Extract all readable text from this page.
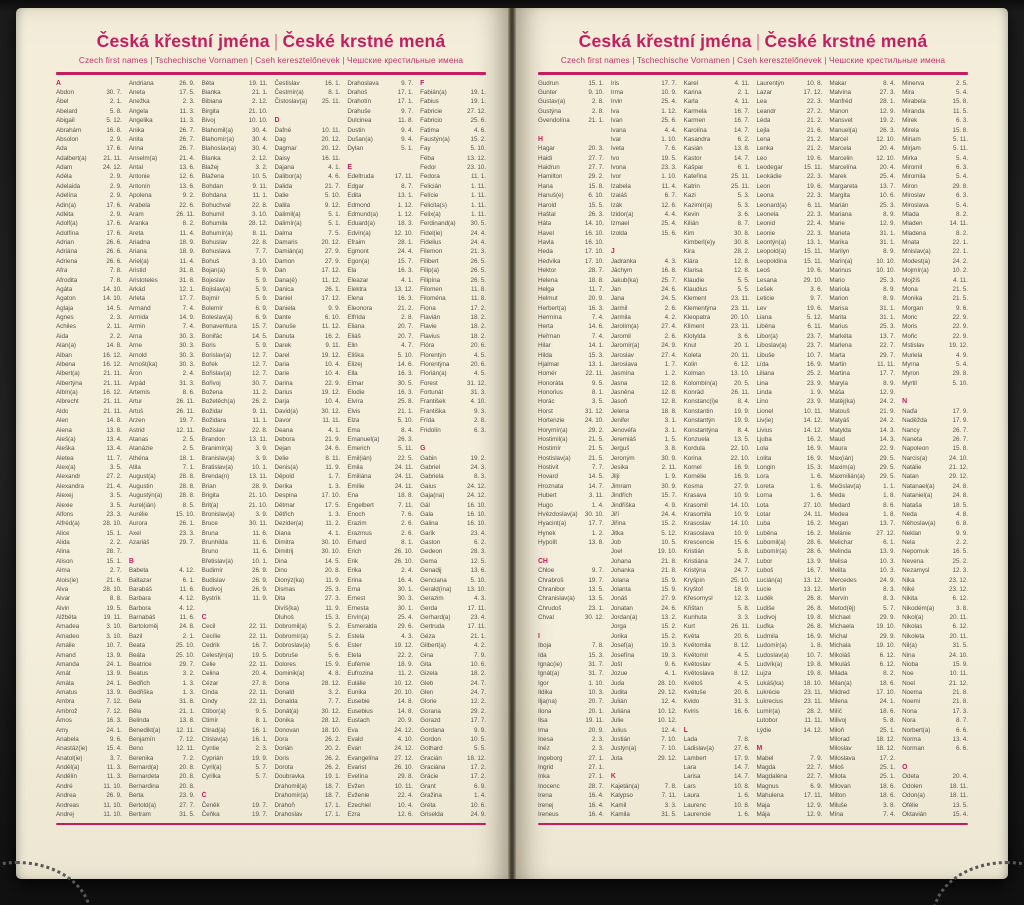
Česká křestní jména | České krstné mená

Czech first names | Tschechische Vornamen | Cseh keresztelőnevek | Чешские крестильные имена

A
Abdon	30. 7.
Ábel	2. 1.
Abelard	5. 8.
Abigail	5. 12.
Abrahám	16. 8.
Absolon	2. 9.
Ada	17. 6.
Adalbert(a)	21. 11.
Adam	24. 12.
Adéla	2. 9.
Adelaida	2. 9.
Adelína	2. 9.
Adin(a)	17. 6.
Adléta	2. 9.
Adolf(a)	17. 6.
Adolfína	17. 6.
Adrian	26. 6.
Adriána	26. 6.
Adriena	26. 6.
Afra	7. 8.
Afrodita	7. 8.
Agáta	14. 10.
Agaton	14. 10.
Aglaja	14. 5.
Agnes	2. 3.
Achiles	2. 11.
Aida	2. 2.
Alan(a)	14. 8.
Alban	16. 12.
Albena	16. 12.
Albert(a)	21. 11.
Albertýna	21. 11.
Albín(a)	16. 12.
Albrecht	21. 11.
Aldo	21. 11.
Alen	14. 8.
Alena	13. 8.
Aleš(a)	13. 4.
Aleška	13. 4.
Aletea	11. 7.
Alex(a)	3. 5.
Alexandr	27. 2.
Alexandra	21. 4.
Alexej	3. 5.
Alexie	3. 5.
Alfons	23. 3.
Alfréd(a)	28. 10.
Alice	15. 1.
Alida	2. 2.
Alina	28. 7.
Alison	15. 1.
Alma	2. 7.
Alois(ie)	21. 6.
Alva	28. 10.
Alvar	8. 8.
Alvin	19. 5.
Alžběta	19. 11.
Amadea	3. 10.
Amadeo	3. 10.
Amálie	10. 7.
Amand	13. 9.
Amanda	24. 1.
Amát	13. 9.
Amáta	24. 1.
Amatus	13. 9.
Ambra	7. 12.
Ambrož	7. 12.
Ámos	16. 3.
Amy	24. 1.
Anabela	9. 6.
Anastáz(ie)	15. 4.
Anatol(ie)	3. 7.
Anděl(a)	11. 3.
Andělín	11. 3.
André	11. 10.
Andrea	26. 9.
Andreas	11. 10.
Andrej	11. 10.
Andriana	26. 9.
Aneta	17. 5.
Anežka	2. 3.
Angela	11. 3.
Angelika	11. 3.
Anika	26. 7.
Anita	26. 7.
Anna	26. 7.
Anselm(a)	21. 4.
Antal	13. 6.
Antonie	12. 6.
Antonín	13. 6.
Apolena	9. 2.
Arabela	22. 6.
Aram	26. 11.
Aranka	8. 2.
Areta	11. 4.
Ariadna	18. 9.
Ariana	18. 9.
Ariel(a)	11. 4.
Aristid	31. 8.
Aristoteles	31. 8.
Arkád	12. 1.
Arleta	17. 7.
Armand	7. 4.
Armida	14. 9.
Armin	7. 4.
Arna	30. 3.
Arne	30. 3.
Arnold	30. 3.
Arnošt(ka)	30. 3.
Áron	2. 4.
Arpád	31. 3.
Artemis	8. 6.
Artur	26. 11.
Artuš	26. 11.
Arzen	19. 7.
Astrid	12. 11.
Atanas	2. 5.
Atanázie	2. 5.
Athéna	18. 1.
Atila	7. 1.
August(a)	28. 8.
Augustin	28. 8.
Augustýn(a)	28. 8.
Aurel(ián)	8. 5.
Aurélie	15. 10.
Aurora	26. 1.
Axel	23. 3.
Azariáš	29. 7.
B
Babeta	4. 12.
Baltazar	6. 1.
Barabáš	11. 6.
Barbara	4. 12.
Barbora	4. 12.
Barnabáš	11. 6.
Bartoloměj	24. 8.
Bazil	2. 1.
Beata	25. 10.
Beáta	25. 10.
Beatrice	29. 7.
Beatus	3. 2.
Bedřich	1. 3.
Bedřiška	1. 3.
Bela	31. 8.
Běla	21. 1.
Belinda	13. 8.
Benedikt(a)	12. 11.
Benjamín	7. 12.
Beno	12. 11.
Berenika	7. 2.
Bernard(a)	20. 8.
Bernardeta	20. 8.
Bernardina	20. 8.
Berta	23. 9.
Bertold(a)	27. 7.
Bertram	31. 5.
Běta	19. 11.
Bianka	21. 1.
Bibiana	2. 12.
Birgita	21. 10.
Bivoj	10. 10.
Blahomil(a)	30. 4.
Blahomír(a)	30. 4.
Blahoslav(a)	30. 4.
Blanka	2. 12.
Blažej	3. 2.
Blažena	10. 5.
Bohdan	9. 11.
Bohdana	11. 1.
Bohuchval	22. 8.
Bohumil	3. 10.
Bohumila	28. 12.
Bohumír(a)	8. 11.
Bohuslav	22. 8.
Bohuslava	7. 7.
Bohuš	3. 10.
Bojan(a)	5. 9.
Bojeslav	5. 9.
Bojislav(a)	5. 9.
Bojmír	5. 9.
Bolemír	6. 9.
Boleslav(a)	6. 9.
Bonaventura	15. 7.
Bonifác	14. 5.
Boris	5. 9.
Borislav(a)	12. 7.
Bořek	12. 7.
Bořislav(a)	12. 7.
Bořivoj	30. 7.
Božena	11. 2.
Božetěch(a)	26. 2.
Božidar	9. 11.
Božidara	11. 1.
Božislav	22. 8.
Brandon	13. 11.
Branimír(a)	3. 9.
Branislav(a)	3. 9.
Bratislav(a)	10. 1.
Brenda(n)	13. 11.
Brian	28. 9.
Brigita	21. 10.
Brit(a)	21. 10.
Bronislav(a)	3. 9.
Bruce	30. 11.
Bruna	11. 6.
Brunhilda	11. 6.
Bruno	11. 6.
Břetislav(a)	10. 1.
Budimír	26. 9.
Budislav	26. 9.
Budivoj	26. 9.
Bystrík	11. 9.
C
Cecil	22. 11.
Cecílie	22. 11.
Cedrik	16. 7.
Celestýn(a)	19. 5.
Celie	22. 11.
Celina	20. 4.
Cézar	27. 8.
Cinda	22. 11.
Cindy	22. 11.
Ctibor(a)	9. 5.
Ctimír	8. 1.
Ctirad(a)	16. 1.
Ctislav(a)	16. 1.
Cyntie	2. 3.
Cyprián	19. 9.
Cyril(a)	5. 7.
Cyrilka	5. 7.
Č
Čeněk	19. 7.
Čeňka	19. 7.
Čestislav	16. 1.
Čestmír(a)	8. 1.
Čistoslav(a)	25. 11.
D
Dafné	10. 11.
Dag	20. 12.
Dagmar	20. 12.
Daisy	16. 11.
Dajana	4. 1.
Dalibor(a)	4. 6.
Dalida	21. 7.
Dalie	5. 10.
Dalila	9. 12.
Dalimil(a)	5. 1.
Dalimír(a)	5. 1.
Dalma	7. 5.
Damaris	20. 12.
Damián(a)	27. 9.
Damon	27. 9.
Dan	17. 12.
Dana(é)	11. 12.
Danica	26. 1.
Daniel	17. 12.
Daniela	9. 9.
Dante	6. 10.
Danuše	11. 12.
Danuta	16. 2.
Darek	9. 11.
Darel	19. 12.
Daria	10. 4.
Darie	10. 4.
Darina	22. 9.
Darius	19. 12.
Darja	10. 4.
David(a)	30. 12.
Davor	11. 11.
Deana	4. 1.
Debora	21. 9.
Dejan	24. 6.
Delie	8. 11.
Denis(a)	11. 9.
Děpold	1. 7.
Derika	1. 3.
Despina	17. 10.
Dětmar	17. 5.
Dětřich	1. 3.
Dezider(a)	11. 2.
Diana	4. 1.
Dimitra	30. 10.
Dimitrij	30. 10.
Dina	14. 5.
Dino	20. 8.
Dionýz(ka)	11. 9.
Dismas	25. 3.
Dita	27. 3.
Divíš(ka)	11. 9.
Dluhoš	15. 3.
Dobromil(a)	5. 2.
Dobromír(a)	5. 2.
Dobroslav(a)	5. 6.
Dobruše	5. 6.
Dolores	15. 9.
Dominik(a)	4. 8.
Dona	28. 12.
Donald	3. 2.
Donalda	7. 7.
Donát(a)	30. 12.
Donika	28. 12.
Donovan	18. 10.
Dora	26. 2.
Dorián	20. 2.
Doris	26. 2.
Dorota	26. 2.
Doubravka	19. 1.
Drahomil(a)	18. 7.
Drahomír(a)	18. 7.
Drahoň	17. 1.
Drahoslav	17. 1.
Drahoslava	9. 7.
Drahoš	17. 1.
Drahotín	17. 1.
Drahuše	9. 7.
Dulcinea	11. 8.
Dustin	9. 4.
Dušan(a)	9. 4.
Dylan	5. 1.
E
Edeltruda	17. 11.
Edgar	8. 7.
Edita	13. 1.
Edmond	1. 12.
Edmund(a)	1. 12.
Eduard(a)	18. 3.
Edvín(a)	12. 10.
Efraim	28. 1.
Egmont	24. 4.
Egon(a)	15. 7.
Ela	16. 3.
Eleazar	4. 1.
Elektra	13. 12.
Elena	16. 3.
Eleonora	21. 2.
Elfrída	2. 8.
Eliana	20. 7.
Eliáš	20. 7.
Elin	4. 7.
Eliška	5. 10.
Elizej	14. 6.
Ella	16. 3.
Elmar	30. 5.
Elodie	16. 3.
Elvíra	25. 8.
Elvis	21. 1.
Elza	5. 10.
Ema	8. 4.
Emanuel(a)	26. 3.
Emerich	5. 11.
Emil(ián)	22. 5.
Emila	24. 11.
Emiliána	24. 11.
Emílie	24. 11.
Ena	18. 8.
Engelbert	7. 11.
Enoch	7. 6.
Erazim	2. 6.
Erazmus	2. 6.
Erhard	8. 1.
Erich	26. 10.
Erik	26. 10.
Erika	2. 4.
Erina	16. 4.
Erna	30. 1.
Ernest	30. 3.
Ernesta	30. 1.
Ervín(a)	25. 4.
Esmeralda	29. 6.
Estela	4. 3.
Ester	19. 12.
Etela	22. 2.
Eufémie	18. 9.
Eufrozina	11. 2.
Eulálie	10. 12.
Eunika	20. 10.
Eusebie	14. 8.
Eusebius	14. 8.
Eustach	20. 9.
Eva	24. 12.
Evald	4. 10.
Evan	24. 12.
Evangelína	27. 12.
Evarist	26. 10.
Evelína	29. 8.
Evžen	10. 11.
Evženie	22. 4.
Ezechiel	10. 4.
Ezra	12. 6.
F
Fabián(a)	19. 1.
Fabius	19. 1.
Fabricie	27. 12.
Fabricio	25. 6.
Fatima	4. 6.
Faustýn(a)	15. 2.
Fay	5. 10.
Féba	13. 12.
Fedor	23. 10.
Fedora	11. 1.
Felicián	1. 11.
Felície	1. 11.
Felicita(s)	1. 11.
Felix(a)	1. 11.
Ferdinand(a)	30. 5.
Fidel(ie)	24. 4.
Fidelius	24. 4.
Filemon	21. 3.
Filibert	26. 5.
Filip(a)	26. 5.
Filipína	26. 5.
Filomen	11. 8.
Filoména	11. 8.
Fiona	17. 2.
Flavián	18. 2.
Flavie	18. 2.
Flavius	18. 2.
Flóra	20. 6.
Florentýn	4. 5.
Florentýna	20. 6.
Florián(a)	4. 5.
Forest	31. 12.
Fortunát	31. 3.
František	4. 10.
Františka	9. 3.
Frída	2. 8.
Fridolín	6. 3.
G
Gabin	19. 2.
Gabriel	24. 3.
Gabriela	8. 3.
Gaius	24. 12.
Gaja(na)	24. 12.
Gál	16. 10.
Gala	16. 10.
Galina	16. 10.
Garik	23. 4.
Gaston	6. 2.
Gedeon	28. 3.
Gema	12. 5.
Genadij	13. 6.
Genciana	5. 10.
Gerald(ína)	13. 10.
Gerazim	4. 3.
Gerda	17. 11.
Gerhard(a)	23. 4.
Gertruda	17. 11.
Géza	21. 1.
Gilbert(a)	4. 2.
Gina	7. 9.
Gita	10. 6.
Gizela	18. 2.
Gleb	24. 7.
Glen	24. 7.
Glorie	12. 2.
Gorana	29. 2.
Gorazd	17. 7.
Gordana	9. 9.
Gordon	10. 5.
Gothard	5. 5.
Gracián	18. 12.
Graciána	17. 2.
Grácie	17. 2.
Grant	6. 9.
Gražina	1. 4.
Gréta	10. 6.
Griselda	24. 9.
Česká křestní jména | České krstné mená

Czech first names | Tschechische Vornamen | Cseh keresztelőnevek | Чешские крестильные имена

Gudrun	15. 1.
Gunter	9. 10.
Gustav(a)	2. 8.
Gustýna	2. 8.
Gvendolína	21. 1.
H
Hagar	20. 3.
Haidi	27. 7.
Haidrun	27. 7.
Hamilton	29. 2.
Hana	15. 8.
Hanuš(e)	6. 10.
Harold	15. 5.
Haštal	26. 3.
Háta	14. 10.
Havel	16. 10.
Havla	16. 10.
Heda	17. 10.
Hedvika	17. 10.
Hektor	28. 7.
Helena	18. 8.
Helga	11. 7.
Helmut	20. 9.
Herbert(a)	16. 3.
Hermína	7. 4.
Herta	14. 6.
Heřman	7. 4.
Hilar	14. 1.
Hilda	15. 3.
Hjalmar	13. 1.
Homér	22. 11.
Honoráta	9. 5.
Honorius	8. 1.
Horác	3. 5.
Horst	31. 12.
Hortenzie	24. 10.
Horymír(a)	29. 2.
Hostimil(a)	21. 5.
Hostimír	21. 5.
Hostislav(a)	21. 5.
Hostivít	7. 7.
Hovard	14. 5.
Hroznata	14. 7.
Hubert	3. 11.
Hugo	1. 4.
Hvězdoslav(a)	30. 10.
Hyacint(a)	17. 7.
Hynek	1. 2.
Hypolit	13. 8.
CH
Chloe	9. 7.
Chrabroš	19. 7.
Chranibor	13. 5.
Chranislav(a)	13. 5.
Chrudoš	23. 1.
Chval	30. 12.
I
Iboja	7. 8.
Ida	15. 3.
Ignác(ie)	31. 7.
Ignát(a)	31. 7.
Igor	1. 10.
Ildika	10. 3.
Ilja(na)	20. 7.
Ilona	20. 1.
Ilsa	19. 11.
Ima	20. 9.
Inesa	2. 3.
Inéz	2. 3.
Ingeborg	27. 1.
Ingrid	27. 1.
Inka	27. 1.
Inocenc	28. 7.
Irena	16. 4.
Irenej	16. 4.
Ireneus	16. 4.
Iris	17. 7.
Irma	10. 9.
Irvin	25. 4.
Iva	1. 12.
Ivan	25. 6.
Ivana	4. 4.
Ivar	1. 10.
Iveta	7. 6.
Ivo	19. 5.
Ivona	23. 3.
Ivor	1. 10.
Izabela	11. 4.
Izaiáš	6. 7.
Izák	12. 6.
Izidor(a)	4. 4.
Izmael	25. 4.
Izolda	15. 6.
J
Jadranka	4. 3.
Jáchym	16. 8.
Jakub(ka)	25. 7.
Jan	24. 6.
Jana	24. 5.
Jarmil	2. 6.
Jarmila	4. 2.
Jarolím(a)	27. 4.
Jaromil	2. 6.
Jaromír(a)	24. 9.
Jaroslav	27. 4.
Jaroslava	1. 7.
Jasmína	1. 2.
Jasna	12. 8.
Jasněna	12. 8.
Jasoň	12. 8.
Jelena	18. 8.
Jenifer	3. 1.
Jenovéfa	3. 1.
Jeremiáš	1. 5.
Jerguš	3. 8.
Jeroným	30. 9.
Jesika	2. 11.
Jiljí	1. 9.
Jimram	30. 9.
Jindřich	15. 7.
Jindřiška	4. 9.
Jiří	24. 4.
Jiřina	15. 2.
Jitka	5. 12.
Job	10. 5.
Joel	19. 10.
Johana	21. 8.
Johanka	21. 8.
Jolana	15. 9.
Jolanta	15. 9.
Jonáš	27. 9.
Jonatan	24. 6.
Jordan(a)	13. 2.
Jorga	15. 2.
Jorika	15. 2.
Josef(a)	19. 3.
Josefína	19. 3.
Jošt	9. 6.
Jozue	4. 1.
Juda	28. 10.
Judita	29. 12.
Julián	12. 4.
Juliána	10. 12.
Julie	10. 12.
Julius	12. 4.
Justián	7. 10.
Justýn(a)	7. 10.
Juta	29. 12.
K
Kajetán(a)	7. 8.
Kalypso	7. 11.
Kamil	3. 3.
Kamila	31. 5.
Karel	4. 11.
Karina	2. 1.
Karla	4. 11.
Karmela	16. 7.
Karmen	16. 7.
Karolína	14. 7.
Kasandra	6. 2.
Kasián	13. 8.
Kastor	14. 7.
Kašpar	6. 1.
Kateřina	25. 11.
Katrin	25. 11.
Kazi	5. 3.
Kazimír(a)	5. 3.
Kevin	3. 6.
Kilián	8. 7.
Kim	30. 8.
Kimberl(e)y	30. 8.
Kira	28. 2.
Klára	12. 8.
Klarisa	12. 8.
Klaudie	5. 5.
Klaudius	5. 5.
Klement	23. 11.
Klementýna	23. 11.
Kleopatra	20. 10.
Kliment	23. 11.
Klotylda	3. 6.
Knut	20. 1.
Koleta	20. 11.
Kolin	6. 12.
Kolman	13. 10.
Kolombín(a)	20. 5.
Konrád	26. 11.
Konstanc(i)e	8. 4.
Konstantin	19. 9.
Konstantýn	19. 9.
Konstantýna	8. 4.
Konzuela	13. 5.
Kordula	22. 10.
Korina	22. 10.
Kornel	16. 9.
Kornélie	16. 9.
Kosma	27. 9.
Krasava	10. 9.
Krasomil	14. 10.
Krasomila	10. 9.
Krasoslav	14. 10.
Krasoslava	10. 9.
Krescencie	15. 6.
Kristián	5. 8.
Kristiána	24. 7.
Kristýna	24. 7.
Kryšpín	25. 10.
Kryštof	18. 9.
Křesomysl	12. 3.
Křištan	5. 8.
Kunhuta	3. 3.
Kurt	26. 11.
Květa	20. 6.
Květomila	8. 12.
Květomír	4. 5.
Květoslav	4. 5.
Květoslava	8. 12.
Květoš	4. 5.
Květuše	20. 6.
Kvido	31. 3.
Kviris	16. 6.
L
Lada	7. 8.
Ladislav(a)	27. 6.
Lambert	17. 9.
Lara	14. 7.
Larisa	14. 7.
Lars	10. 8.
Laura	1. 6.
Laurenc	10. 8.
Laurencie	1. 6.
Laurentýn	10. 8.
Lazar	17. 12.
Lea	22. 3.
Leandr	27. 2.
Léda	21. 2.
Lejla	21. 6.
Lena	21. 2.
Lenka	21. 2.
Leo	19. 6.
Leodegar	15. 11.
Leokádie	22. 3.
Leon	19. 6.
Leona	22. 3.
Leonard(a)	6. 11.
Leonela	22. 3.
Leonid	22. 4.
Leonie	22. 3.
Leontýn(a)	13. 1.
Leopold(a)	15. 11.
Leopoldina	15. 11.
Leoš	19. 6.
Lesana	29. 10.
Lešek	3. 6.
Leticie	9. 7.
Lev	19. 6.
Liana	5. 12.
Liběna	6. 11.
Libor(a)	23. 7.
Liboslav(a)	23. 7.
Libuše	10. 7.
Lída	16. 9.
Liliana	25. 2.
Lina	23. 9.
Linda	1. 9.
Lino	23. 9.
Lionel	10. 11.
Liv(ie)	14. 12.
Livius	14. 12.
Ljuba	16. 2.
Lola	16. 9.
Lolita	16. 9.
Longin	15. 3.
Lora	1. 6.
Loreta	1. 6.
Lorna	1. 6.
Lota	27. 10.
Lotar	24. 11.
Luba	16. 2.
Luběna	16. 2.
Lubomil(a)	28. 6.
Lubomír(a)	28. 6.
Lubor	13. 9.
Luboš	16. 7.
Lucián(a)	13. 12.
Lucie	13. 12.
Luděk	26. 8.
Ludiše	26. 8.
Ludivoj	19. 8.
Luďka	26. 8.
Ludmila	16. 9.
Ludomír(a)	1. 8.
Ludoslav(a)	10. 7.
Ludvík(a)	19. 8.
Lujza	19. 8.
Lukáš(ka)	18. 10.
Lukrécie	23. 11.
Lukrecius	23. 11.
Lumír(a)	28. 2.
Lutobor	11. 11.
Lýdie	14. 12.
M
Mabel	7. 9.
Magda	22. 7.
Magdaléna	22. 7.
Magnus	6. 9.
Mahulena	17. 11.
Maja	12. 9.
Mája	12. 9.
Makar	8. 4.
Malvína	27. 3.
Manfréd	28. 1.
Manon	12. 9.
Mansvet	19. 2.
Manuel(a)	26. 3.
Marcel	12. 10.
Marcela	20. 4.
Marcelin	12. 10.
Marcelína	20. 4.
Marek	25. 4.
Margareta	13. 7.
Margita	10. 6.
Marián	25. 3.
Mariana	8. 9.
Marie	12. 9.
Marieta	31. 1.
Marika	31. 1.
Marilyn	8. 9.
Marin(a)	10. 10.
Marinus	10. 10.
Mario	25. 3.
Mariola	8. 9.
Marion	8. 9.
Marisa	31. 1.
Marita	31. 1.
Marius	25. 3.
Markéta	13. 7.
Marlena	22. 7.
Marta	29. 7.
Martin	11. 11.
Martina	17. 7.
Maryla	8. 9.
Máša	12. 9.
Matěj(ka)	24. 2.
Matouš	21. 9.
Matyáš	24. 2.
Matylda	14. 3.
Maud	14. 3.
Maura	22. 9.
Max(ián)	29. 5.
Maxim(a)	29. 5.
Maxmilián(a)	29. 5.
Mečislav(a)	1. 1.
Meda	1. 8.
Medard	8. 6.
Medea	1. 8.
Megan	13. 7.
Melánie	27. 12.
Melichar	6. 1.
Melinda	13. 9.
Melisa	10. 3.
Melita	10. 3.
Mercedes	24. 9.
Merlin	8. 3.
Mervín	8. 3.
Metod(ěj)	5. 7.
Michael	29. 9.
Michaela	19. 10.
Michal	29. 9.
Michala	19. 10.
Mikoláš	6. 12.
Mikuláš	6. 12.
Milada	8. 2.
Milan(a)	18. 6.
Mildred	17. 10.
Milena	24. 1.
Milíč	18. 6.
Milivoj	5. 8.
Miloň	25. 1.
Milorad	18. 12.
Miloslav	18. 12.
Miloslava	17. 2.
Miloš	25. 1.
Milota	25. 1.
Milovan	18. 6.
Milton	18. 6.
Miluše	3. 8.
Mína	7. 4.
Minerva	2. 5.
Mira	5. 4.
Mirabela	15. 8.
Miranda	11. 5.
Mirek	6. 3.
Mirela	15. 8.
Miriam	5. 11.
Mirjam	5. 11.
Mirka	5. 4.
Miromil	6. 3.
Miromila	5. 4.
Miron	29. 8.
Miroslav	6. 3.
Miroslava	5. 4.
Mlada	8. 2.
Mladen	14. 11.
Mladena	8. 2.
Mnata	22. 1.
Mnislav(a)	22. 1.
Modest(a)	24. 2.
Mojmír(a)	10. 2.
Mojžíš	4. 11.
Mona	21. 5.
Monika	21. 5.
Morgan	9. 6.
Moric	22. 9.
Moris	22. 9.
Mořic	22. 9.
Mstislav	19. 12.
Muriela	4. 9.
Myrna	5. 4.
Myron	29. 8.
Myrtil	5. 10.
N
Naďa	17. 9.
Naděžda	17. 9.
Nancy	26. 7.
Naneta	26. 7.
Napoleon	15. 8.
Narcis(a)	24. 10.
Natálie	21. 12.
Natan	29. 12.
Natanael(a)	24. 8.
Nataniel(a)	24. 8.
Nataša	18. 5.
Neda	4. 8.
Něhoslav(a)	6. 8.
Neklan	9. 9.
Nela	2. 2.
Nepomuk	16. 5.
Nevena	25. 2.
Nezamysl	12. 3.
Nika	23. 12.
Niké	23. 12.
Nikita	6. 12.
Nikodém(a)	3. 8.
Nikol(a)	20. 11.
Nikolas	6. 12.
Nikoleta	20. 11.
Nil(a)	31. 5.
Nina	24. 10.
Nioba	15. 9.
Noe	10. 11.
Noel	21. 12.
Noema	21. 8.
Noemi	21. 8.
Nona	17. 3.
Nora	8. 7.
Norbert(a)	6. 6.
Norma	13. 4.
Norman	6. 6.
O
Odeta	20. 4.
Odolen	18. 11.
Odon(a)	18. 11.
Ofélie	13. 5.
Oktavián	15. 4.
